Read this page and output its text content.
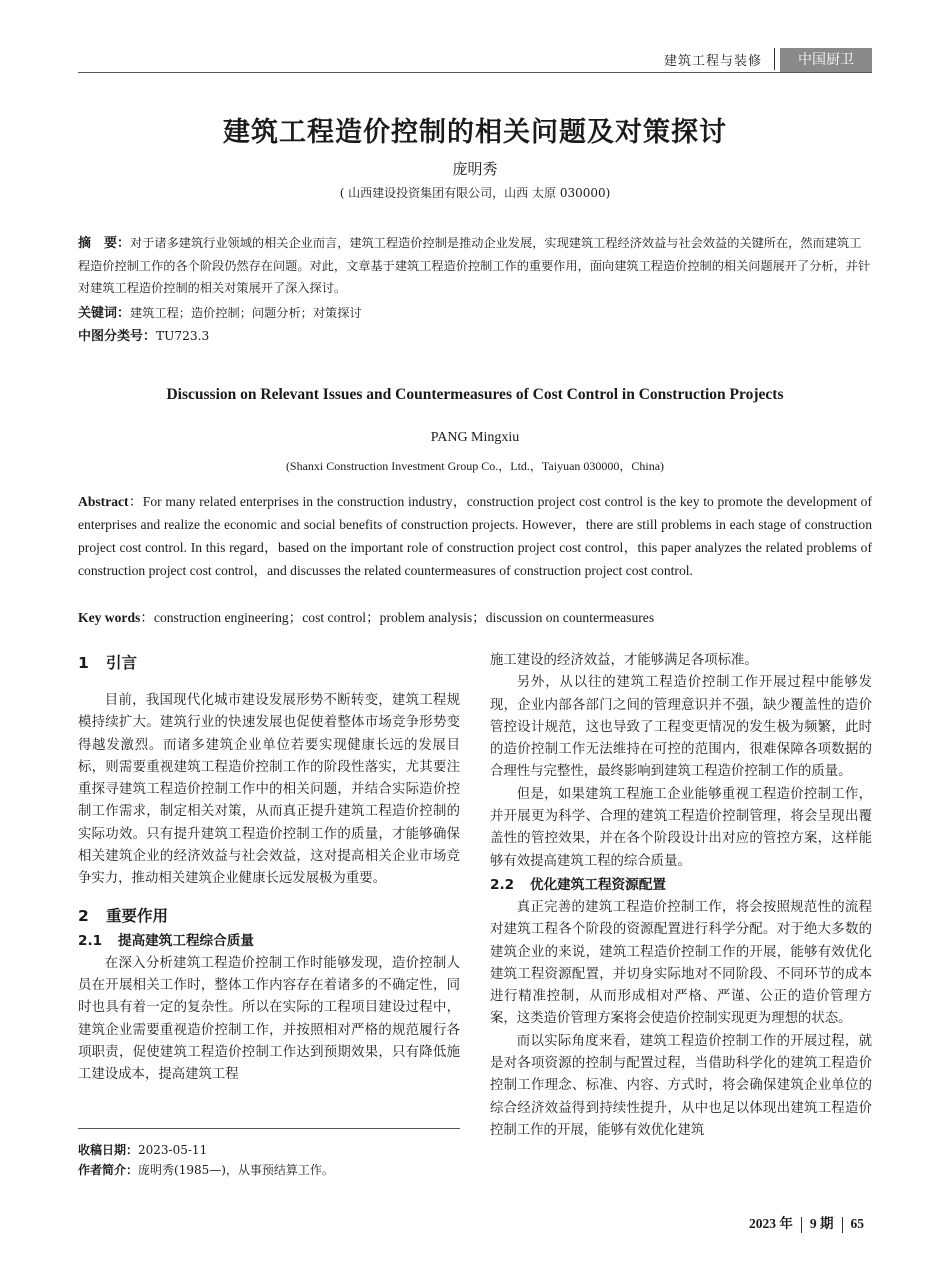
建筑工程与装修	中国厨卫
建筑工程造价控制的相关问题及对策探讨
庞明秀
( 山西建设投资集团有限公司，山西 太原 030000)
摘　要：对于诸多建筑行业领域的相关企业而言，建筑工程造价控制是推动企业发展，实现建筑工程经济效益与社会效益的关键所在，然而建筑工程造价控制工作的各个阶段仍然存在问题。对此，文章基于建筑工程造价控制工作的重要作用，面向建筑工程造价控制的相关问题展开了分析，并针对建筑工程造价控制的相关对策展开了深入探讨。
关键词：建筑工程；造价控制；问题分析；对策探讨
中图分类号：TU723.3
Discussion on Relevant Issues and Countermeasures of Cost Control in Construction Projects
PANG Mingxiu
(Shanxi Construction Investment Group Co.，Ltd.，Taiyuan 030000，China)
Abstract：For many related enterprises in the construction industry，construction project cost control is the key to promote the development of enterprises and realize the economic and social benefits of construction projects. However，there are still problems in each stage of construction project cost control. In this regard，based on the important role of construction project cost control，this paper analyzes the related problems of construction project cost control，and discusses the related countermeasures of construction project cost control.
Key words：construction engineering；cost control；problem analysis；discussion on countermeasures

1 引言

目前，我国现代化城市建设发展形势不断转变，建筑工程规模持续扩大。建筑行业的快速发展也促使着整体市场竞争形势变得越发激烈。而诸多建筑企业单位若要实现健康长远的发展目标，则需要重视建筑工程造价控制工作的阶段性落实，尤其要注重探寻建筑工程造价控制工作中的相关问题，并结合实际造价控制工作需求，制定相关对策，从而真正提升建筑工程造价控制的实际功效。只有提升建筑工程造价控制工作的质量，才能够确保相关建筑企业的经济效益与社会效益，这对提高相关企业市场竞争实力，推动相关建筑企业健康长远发展极为重要。

2 重要作用

2.1 提高建筑工程综合质量

在深入分析建筑工程造价控制工作时能够发现，造价控制人员在开展相关工作时，整体工作内容存在着诸多的不确定性，同时也具有着一定的复杂性。所以在实际的工程项目建设过程中，建筑企业需要重视造价控制工作，并按照相对严格的规范履行各项职责，促使建筑工程造价控制工作达到预期效果，只有降低施工建设成本，提高建筑工程

收稿日期：2023-05-11
作者简介：庞明秀(1985—)，从事预结算工作。

施工建设的经济效益，才能够满足各项标准。

另外，从以往的建筑工程造价控制工作开展过程中能够发现，企业内部各部门之间的管理意识并不强，缺少覆盖性的造价管控设计规范，这也导致了工程变更情况的发生极为频繁，此时的造价控制工作无法维持在可控的范围内，很难保障各项数据的合理性与完整性，最终影响到建筑工程造价控制工作的质量。

但是，如果建筑工程施工企业能够重视工程造价控制工作，并开展更为科学、合理的建筑工程造价控制管理，将会呈现出覆盖性的管控效果，并在各个阶段设计出对应的管控方案，这样能够有效提高建筑工程的综合质量。

2.2 优化建筑工程资源配置

真正完善的建筑工程造价控制工作，将会按照规范性的流程对建筑工程各个阶段的资源配置进行科学分配。对于绝大多数的建筑企业的来说，建筑工程造价控制工作的开展，能够有效优化建筑工程资源配置，并切身实际地对不同阶段、不同环节的成本进行精准控制，从而形成相对严格、严谨、公正的造价管理方案，这类造价管理方案将会使造价控制实现更为理想的状态。

而以实际角度来看，建筑工程造价控制工作的开展过程，就是对各项资源的控制与配置过程，当借助科学化的建筑工程造价控制工作理念、标准、内容、方式时，将会确保建筑企业单位的综合经济效益得到持续性提升，从中也足以体现出建筑工程造价控制工作的开展，能够有效优化建筑

2023 年 9 期 65
